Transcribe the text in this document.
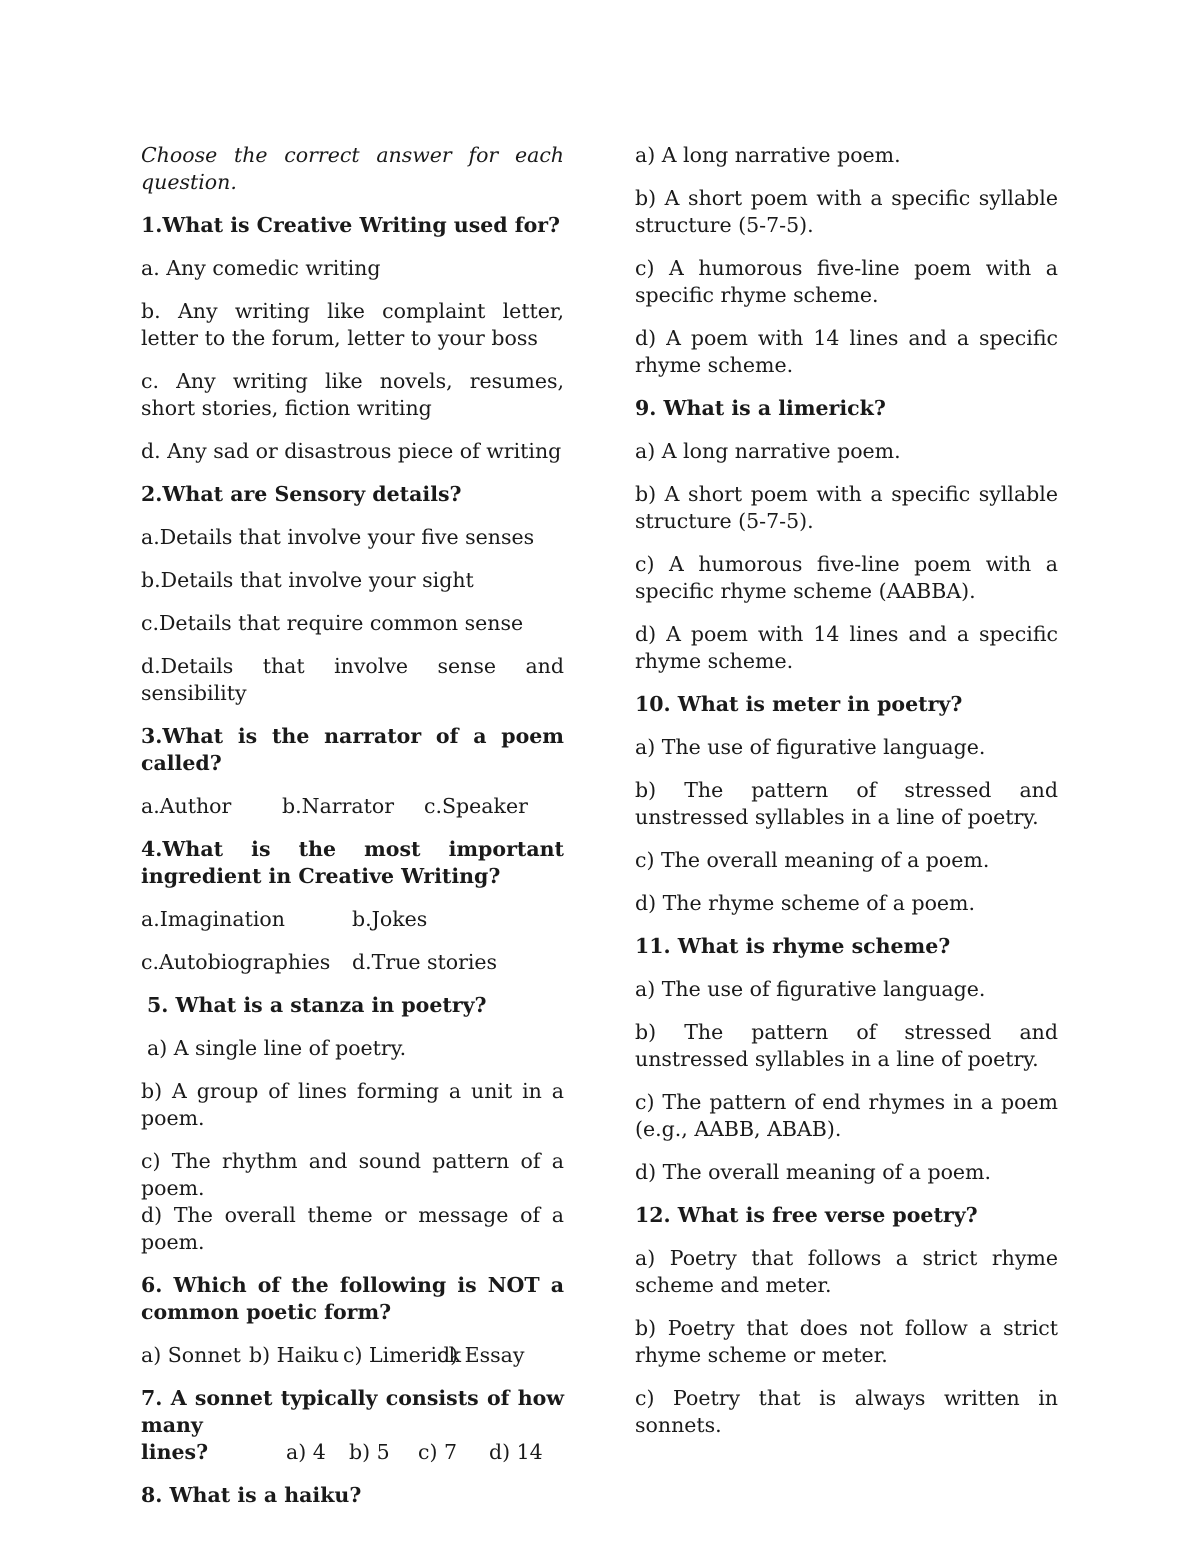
Choose the correct answer for each question.

1.What is Creative Writing used for?

a. Any comedic writing

b. Any writing like complaint letter, letter to the forum, letter to your boss

c. Any writing like novels, resumes, short stories, fiction writing

d. Any sad or disastrous piece of writing

2.What are Sensory details?

a.Details that involve your five senses

b.Details that involve your sight

c.Details that require common sense

d.Details that involve sense and sensibility

3.What is the narrator of a poem called?

a.Author	b.Narrator	c.Speaker

4.What is the most important ingredient in Creative Writing?

a.Imagination	b.Jokes
c.Autobiographies	d.True stories

5. What is a stanza in poetry?

a) A single line of poetry.

b) A group of lines forming a unit in a poem.

c) The rhythm and sound pattern of a poem.

d) The overall theme or message of a poem.

6. Which of the following is NOT a common poetic form?

a) Sonnet b) Haiku c) Limerick
d) Essay

7. A sonnet typically consists of how many

lines?	a) 4	b) 5	c) 7	d) 14

8. What is a haiku?

a) A long narrative poem.

b) A short poem with a specific syllable structure (5-7-5).

c) A humorous five-line poem with a specific rhyme scheme.

d) A poem with 14 lines and a specific rhyme scheme.

9. What is a limerick?

a) A long narrative poem.

b) A short poem with a specific syllable structure (5-7-5).

c) A humorous five-line poem with a specific rhyme scheme (AABBA).

d) A poem with 14 lines and a specific rhyme scheme.

10. What is meter in poetry?

a) The use of figurative language.

b) The pattern of stressed and unstressed syllables in a line of poetry.

c) The overall meaning of a poem.

d) The rhyme scheme of a poem.

11. What is rhyme scheme?

a) The use of figurative language.

b) The pattern of stressed and unstressed syllables in a line of poetry.

c) The pattern of end rhymes in a poem (e.g., AABB, ABAB).

d) The overall meaning of a poem.

12. What is free verse poetry?

a) Poetry that follows a strict rhyme scheme and meter.

b) Poetry that does not follow a strict rhyme scheme or meter.

c) Poetry that is always written in sonnets.
